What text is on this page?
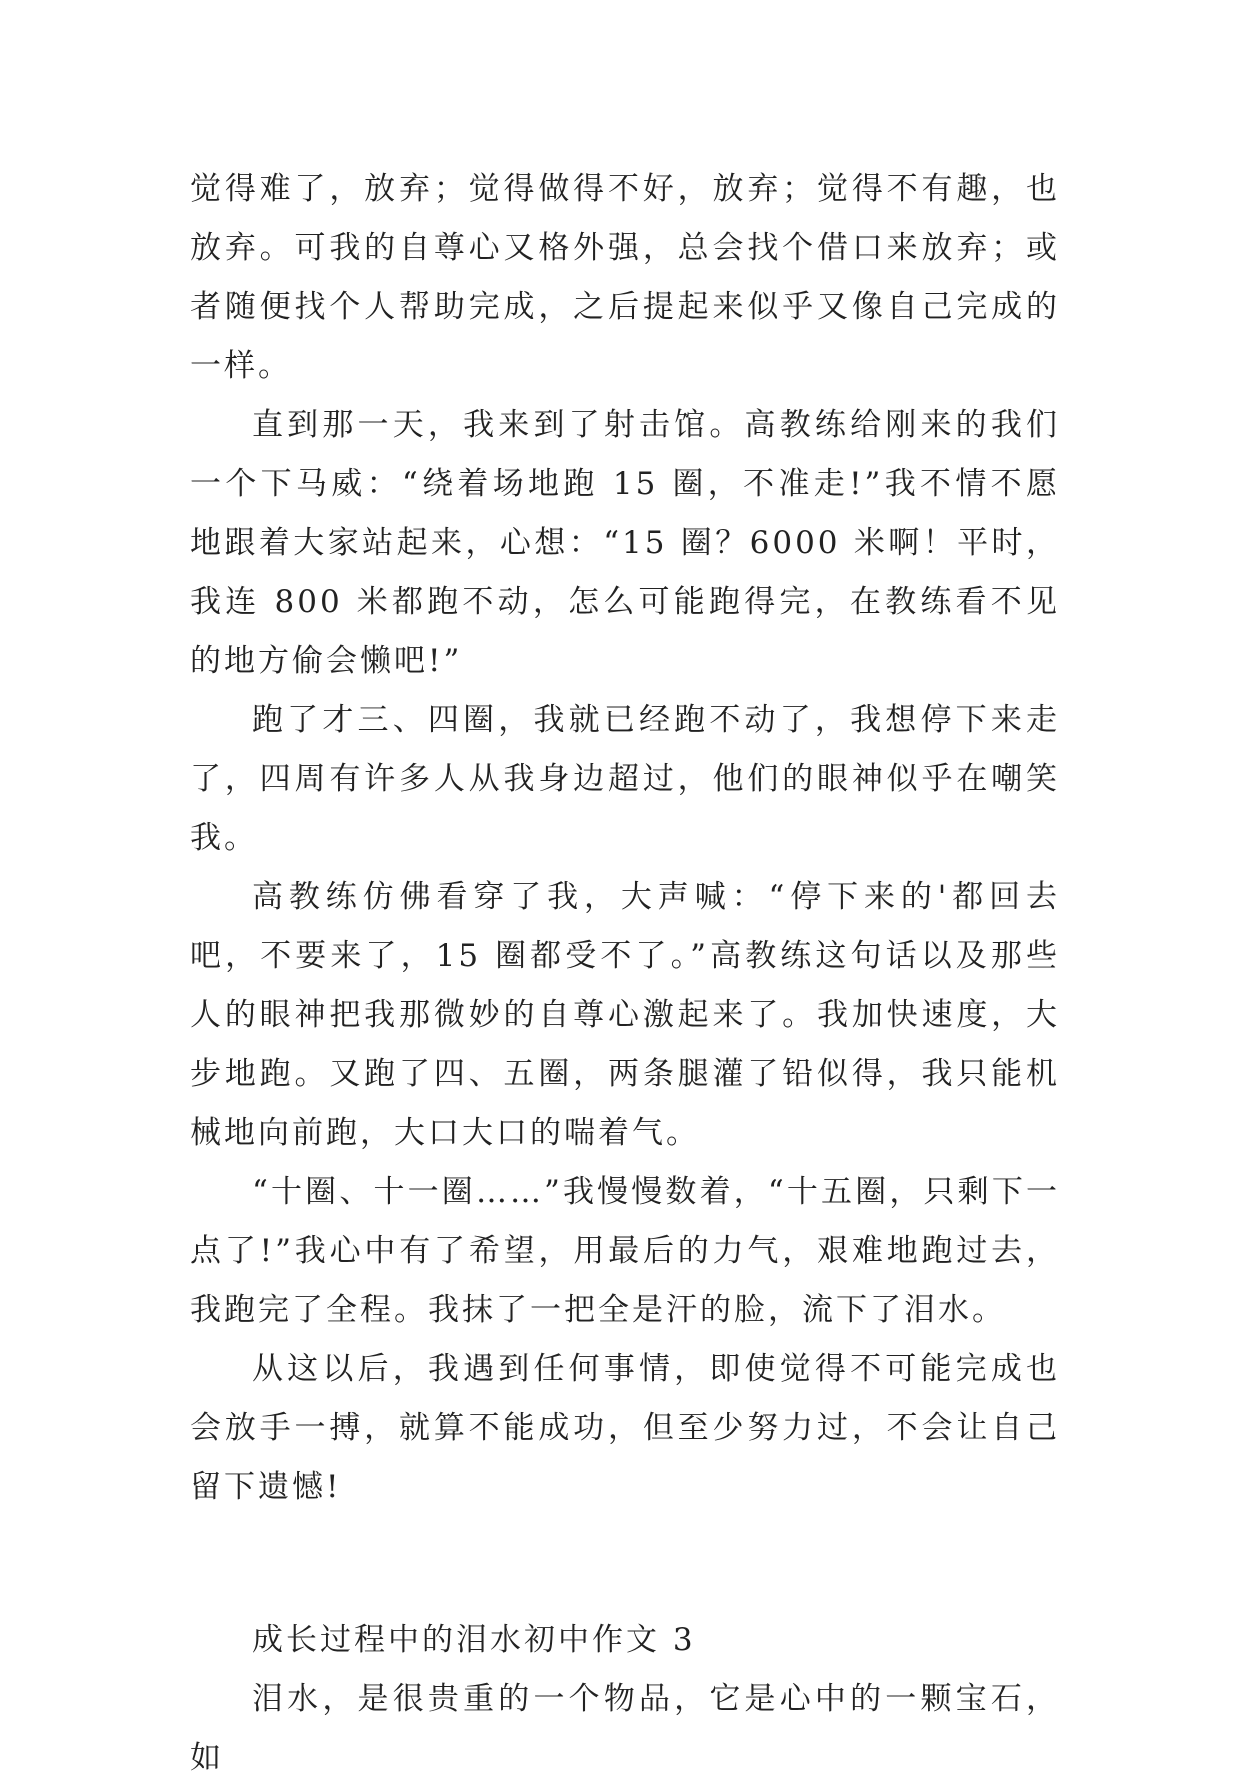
觉得难了，放弃；觉得做得不好，放弃；觉得不有趣，也放弃。可我的自尊心又格外强，总会找个借口来放弃；或者随便找个人帮助完成，之后提起来似乎又像自己完成的一样。

直到那一天，我来到了射击馆。高教练给刚来的我们一个下马威：“绕着场地跑 15 圈，不准走!”我不情不愿地跟着大家站起来，心想：“15 圈？6000 米啊！平时，我连 800 米都跑不动，怎么可能跑得完，在教练看不见的地方偷会懒吧!”

跑了才三、四圈，我就已经跑不动了，我想停下来走了，四周有许多人从我身边超过，他们的眼神似乎在嘲笑我。

高教练仿佛看穿了我，大声喊：“停下来的'都回去吧，不要来了，15 圈都受不了。”高教练这句话以及那些人的眼神把我那微妙的自尊心激起来了。我加快速度，大步地跑。又跑了四、五圈，两条腿灌了铅似得，我只能机械地向前跑，大口大口的喘着气。

“十圈、十一圈……”我慢慢数着，“十五圈，只剩下一点了!”我心中有了希望，用最后的力气，艰难地跑过去，我跑完了全程。我抹了一把全是汗的脸，流下了泪水。

从这以后，我遇到任何事情，即使觉得不可能完成也会放手一搏，就算不能成功，但至少努力过，不会让自己留下遗憾!

成长过程中的泪水初中作文 3

泪水，是很贵重的一个物品，它是心中的一颗宝石，如
